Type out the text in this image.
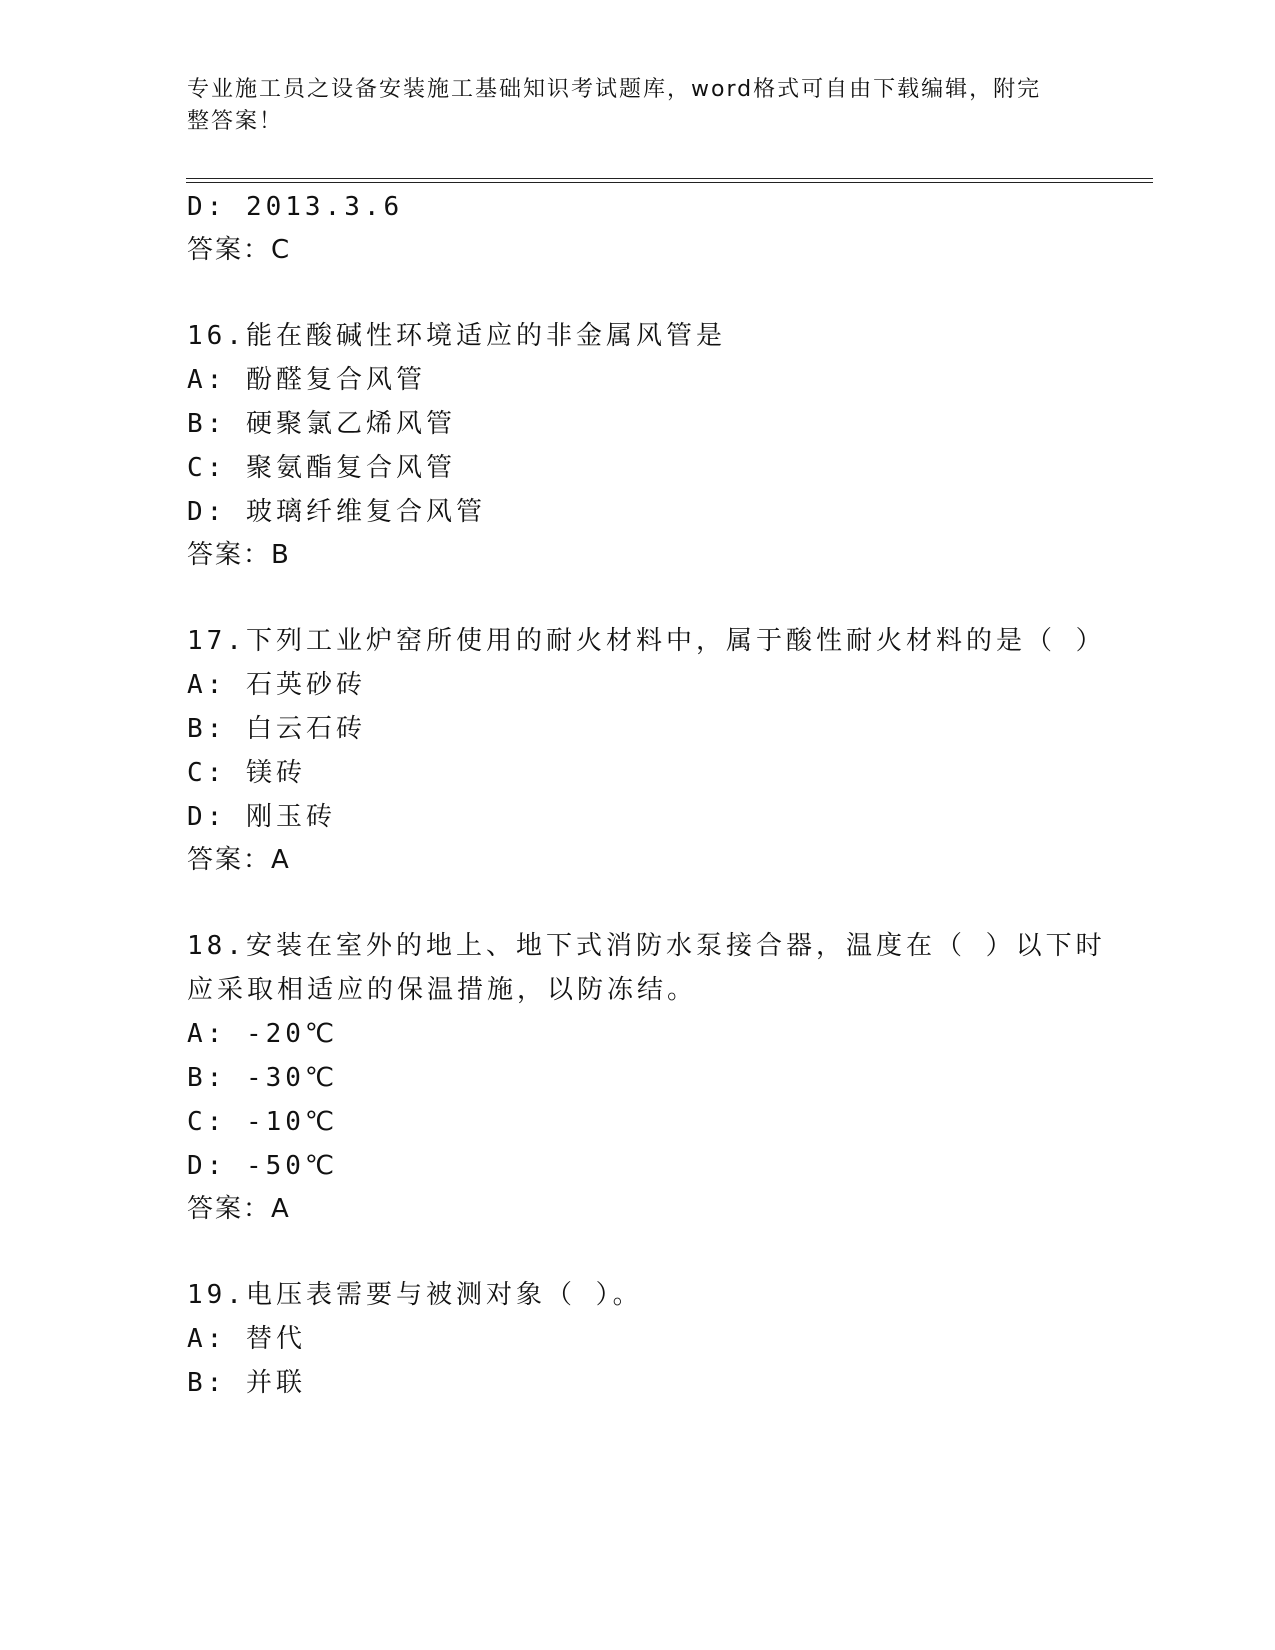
专业施工员之设备安装施工基础知识考试题库，word格式可自由下载编辑，附完
整答案！
D: 2013.3.6
答案：C
16.能在酸碱性环境适应的非金属风管是
A: 酚醛复合风管
B: 硬聚氯乙烯风管
C: 聚氨酯复合风管
D: 玻璃纤维复合风管
答案：B
17.下列工业炉窑所使用的耐火材料中，属于酸性耐火材料的是（ ）
A: 石英砂砖
B: 白云石砖
C: 镁砖
D: 刚玉砖
答案：A
18.安装在室外的地上、地下式消防水泵接合器，温度在（ ）以下时
应采取相适应的保温措施，以防冻结。
A: -20℃
B: -30℃
C: -10℃
D: -50℃
答案：A
19.电压表需要与被测对象（ ）。
A: 替代
B: 并联
